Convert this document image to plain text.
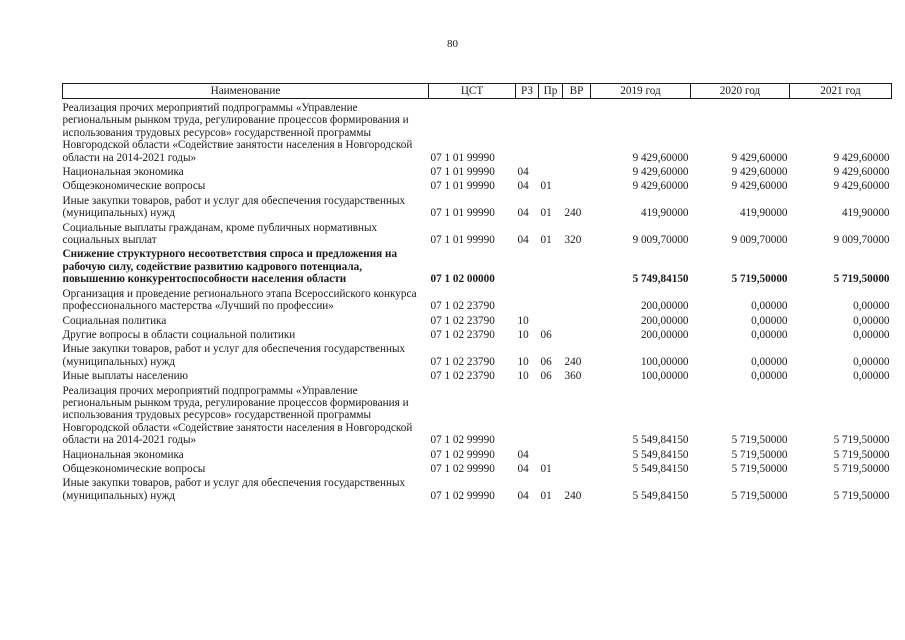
80
Наименование	ЦСТ	РЗ	Пр	ВР	2019 год	2020 год	2021 год
Реализация прочих мероприятий подпрограммы «Управление региональным рынком труда, регулирование процессов формирования и использования трудовых ресурсов» государственной программы Новгородской области «Содействие занятости населения в Новгородской области на 2014-2021 годы»	07 1 01 99990				9 429,60000	9 429,60000	9 429,60000
Национальная экономика	07 1 01 99990	04			9 429,60000	9 429,60000	9 429,60000
Общеэкономические вопросы	07 1 01 99990	04	01		9 429,60000	9 429,60000	9 429,60000
Иные закупки товаров, работ и услуг для обеспечения государственных (муниципальных) нужд	07 1 01 99990	04	01	240	419,90000	419,90000	419,90000
Социальные выплаты гражданам, кроме публичных нормативных социальных выплат	07 1 01 99990	04	01	320	9 009,70000	9 009,70000	9 009,70000
Снижение структурного несоответствия спроса и предложения на рабочую силу, содействие развитию кадрового потенциала, повышению конкурентоспособности населения области	07 1 02 00000				5 749,84150	5 719,50000	5 719,50000
Организация и проведение регионального этапа Всероссийского конкурса профессионального мастерства «Лучший по профессии»	07 1 02 23790				200,00000	0,00000	0,00000
Социальная политика	07 1 02 23790	10			200,00000	0,00000	0,00000
Другие вопросы в области социальной политики	07 1 02 23790	10	06		200,00000	0,00000	0,00000
Иные закупки товаров, работ и услуг для обеспечения государственных (муниципальных) нужд	07 1 02 23790	10	06	240	100,00000	0,00000	0,00000
Иные выплаты населению	07 1 02 23790	10	06	360	100,00000	0,00000	0,00000
Реализация прочих мероприятий подпрограммы «Управление региональным рынком труда, регулирование процессов формирования и использования трудовых ресурсов» государственной программы Новгородской области «Содействие занятости населения в Новгородской области на 2014-2021 годы»	07 1 02 99990				5 549,84150	5 719,50000	5 719,50000
Национальная экономика	07 1 02 99990	04			5 549,84150	5 719,50000	5 719,50000
Общеэкономические вопросы	07 1 02 99990	04	01		5 549,84150	5 719,50000	5 719,50000
Иные закупки товаров, работ и услуг для обеспечения государственных (муниципальных) нужд	07 1 02 99990	04	01	240	5 549,84150	5 719,50000	5 719,50000
